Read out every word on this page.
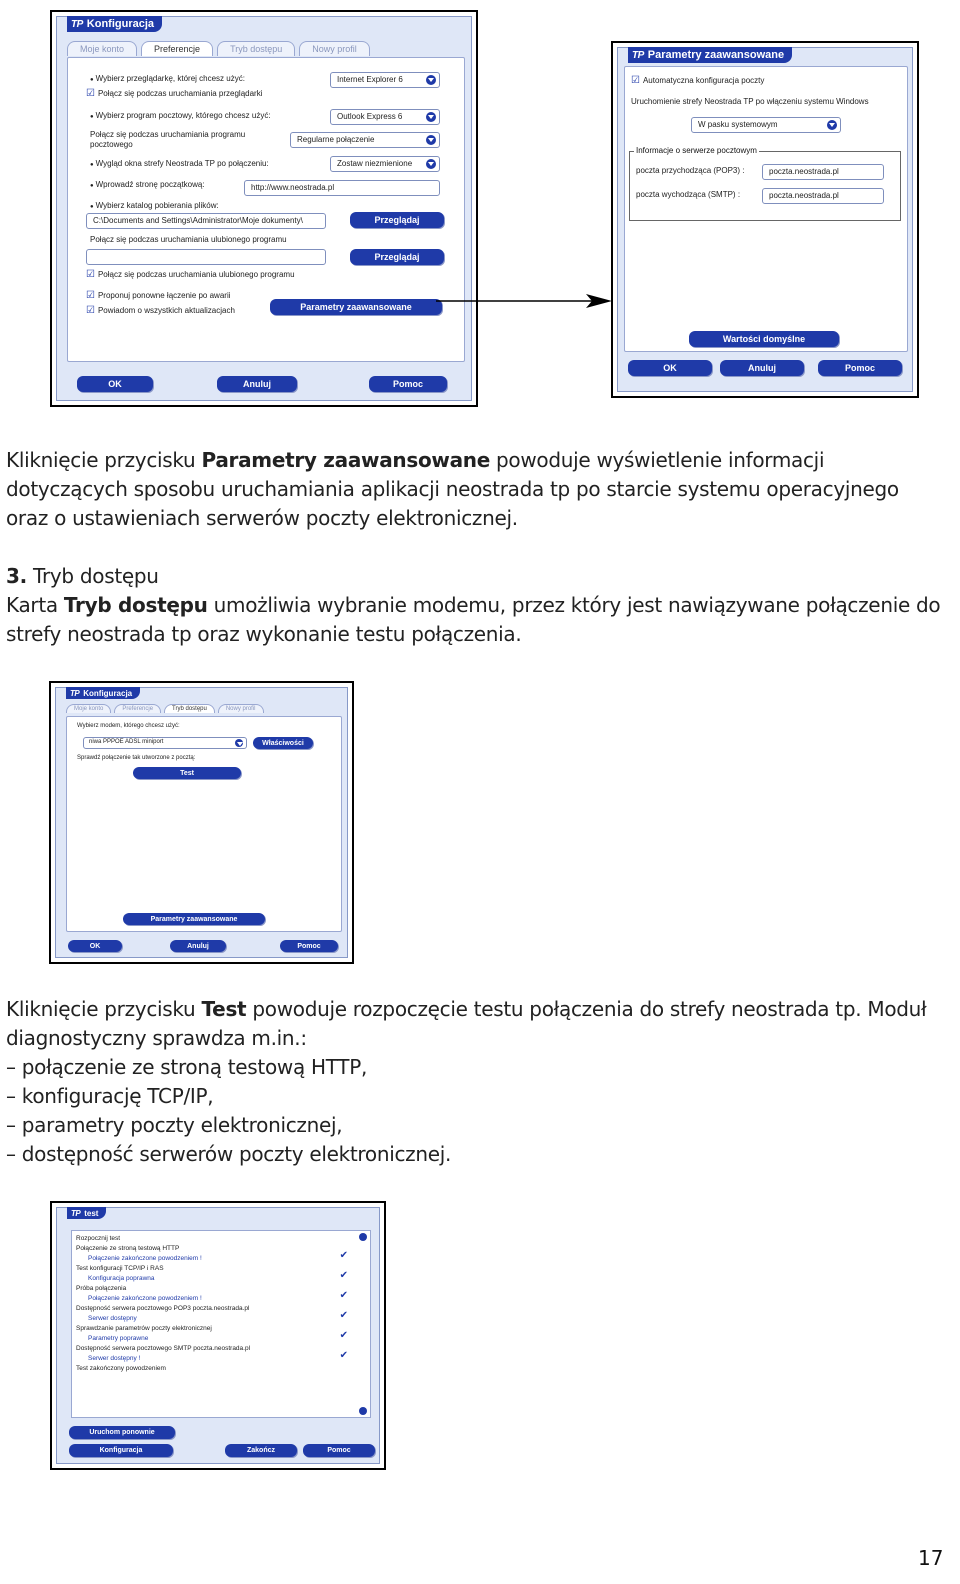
TP Konfiguracja
Moje konto	Preferencje	Tryb dostępu	Nowy profil
● Wybierz przeglądarkę, której chcesz użyć:	Internet Explorer 6
☑ Połącz się podczas uruchamiania przeglądarki
● Wybierz program pocztowy, którego chcesz użyć:	Outlook Express 6
Połącz się podczas uruchamiania programu
pocztowego
Regularne połączenie
● Wygląd okna strefy Neostrada TP po połączeniu:	Zostaw niezmienione
● Wprowadź stronę początkową:	http://www.neostrada.pl
● Wybierz katalog pobierania plików:
C:\Documents and Settings\Administrator\Moje dokumenty\	Przeglądaj
Połącz się podczas uruchamiania ulubionego programu
Przeglądaj
☑ Połącz się podczas uruchamiania ulubionego programu
☑ Proponuj ponowne łączenie po awarii
☑ Powiadom o wszystkich aktualizacjach	Parametry zaawansowane
OK	Anuluj	Pomoc
TP Parametry zaawansowane
☑ Automatyczna konfiguracja poczty
Uruchomienie strefy Neostrada TP po włączeniu systemu Windows
W pasku systemowym
Informacje o serwerze pocztowym
poczta przychodząca (POP3) :	poczta.neostrada.pl
poczta wychodząca (SMTP) :	poczta.neostrada.pl
Wartości domyślne
OK	Anuluj	Pomoc

Kliknięcie przycisku Parametry zaawansowane powoduje wyświetlenie informacji dotyczących sposobu uruchamiania aplikacji neostrada tp po starcie systemu operacyjnego oraz o ustawieniach serwerów poczty elektronicznej.

3. Tryb dostępu

Karta Tryb dostępu umożliwia wybranie modemu, przez który jest nawiązywane połączenie do strefy neostrada tp oraz wykonanie testu połączenia.

TP Konfiguracja
Moje konto	Preferencje	Tryb dostępu	Nowy profil
Wybierz modem, którego chcesz użyć:
niwa PPPOE ADSL miniport	Właściwości
Sprawdź połączenie tak utworzone z pocztą:
Test
Parametry zaawansowane
OK	Anuluj	Pomoc

Kliknięcie przycisku Test powoduje rozpoczęcie testu połączenia do strefy neostrada tp. Moduł diagnostyczny sprawdza m.in.:

– połączenie ze stroną testową HTTP,

– konfigurację TCP/IP,

– parametry poczty elektronicznej,

– dostępność serwerów poczty elektronicznej.

TP test
Rozpocznij test
Połączenie ze stroną testową HTTP
Połączenie zakończone powodzeniem !	✔
Test konfiguracji TCP/IP i RAS
Konfiguracja poprawna	✔
Próba połączenia
Połączenie zakończone powodzeniem !	✔
Dostępność serwera pocztowego POP3 poczta.neostrada.pl
Serwer dostępny	✔
Sprawdzanie parametrów poczty elektronicznej
Parametry poprawne	✔
Dostępność serwera pocztowego SMTP poczta.neostrada.pl
Serwer dostępny !	✔
Test zakończony powodzeniem
Uruchom ponownie
Konfiguracja	Zakończ	Pomoc
17
